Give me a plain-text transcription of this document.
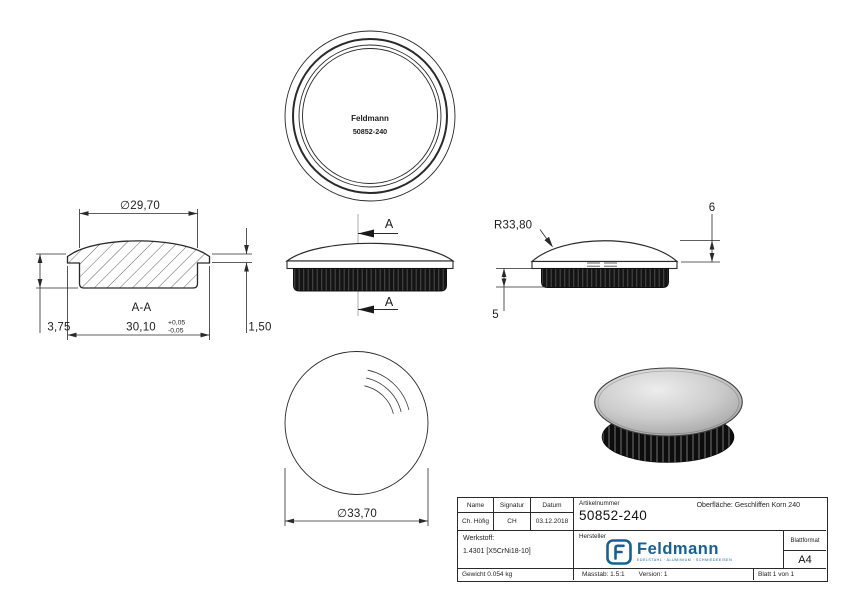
Feldmann
50852-240
∅29,70
30,10 +0,05
-0,05
3,75	1,50
A-A
A
A
R33,80
6
5
∅33,70
Name	Signatur	Datum	Artikelnummer
50852-240
Oberfläche: Geschliffen Korn 240
Ch. Höfig	CH	03.12.2018
Werkstoff:
1.4301 [X5CrNi18-10]
Hersteller
Feldmann
EDELSTAHL · ALUMINIUM · SCHMIEDEEISEN
Blattformat
A4
Gewicht 0.054 kg	Masstab: 1.5:1 Version: 1	Blatt 1 von 1
